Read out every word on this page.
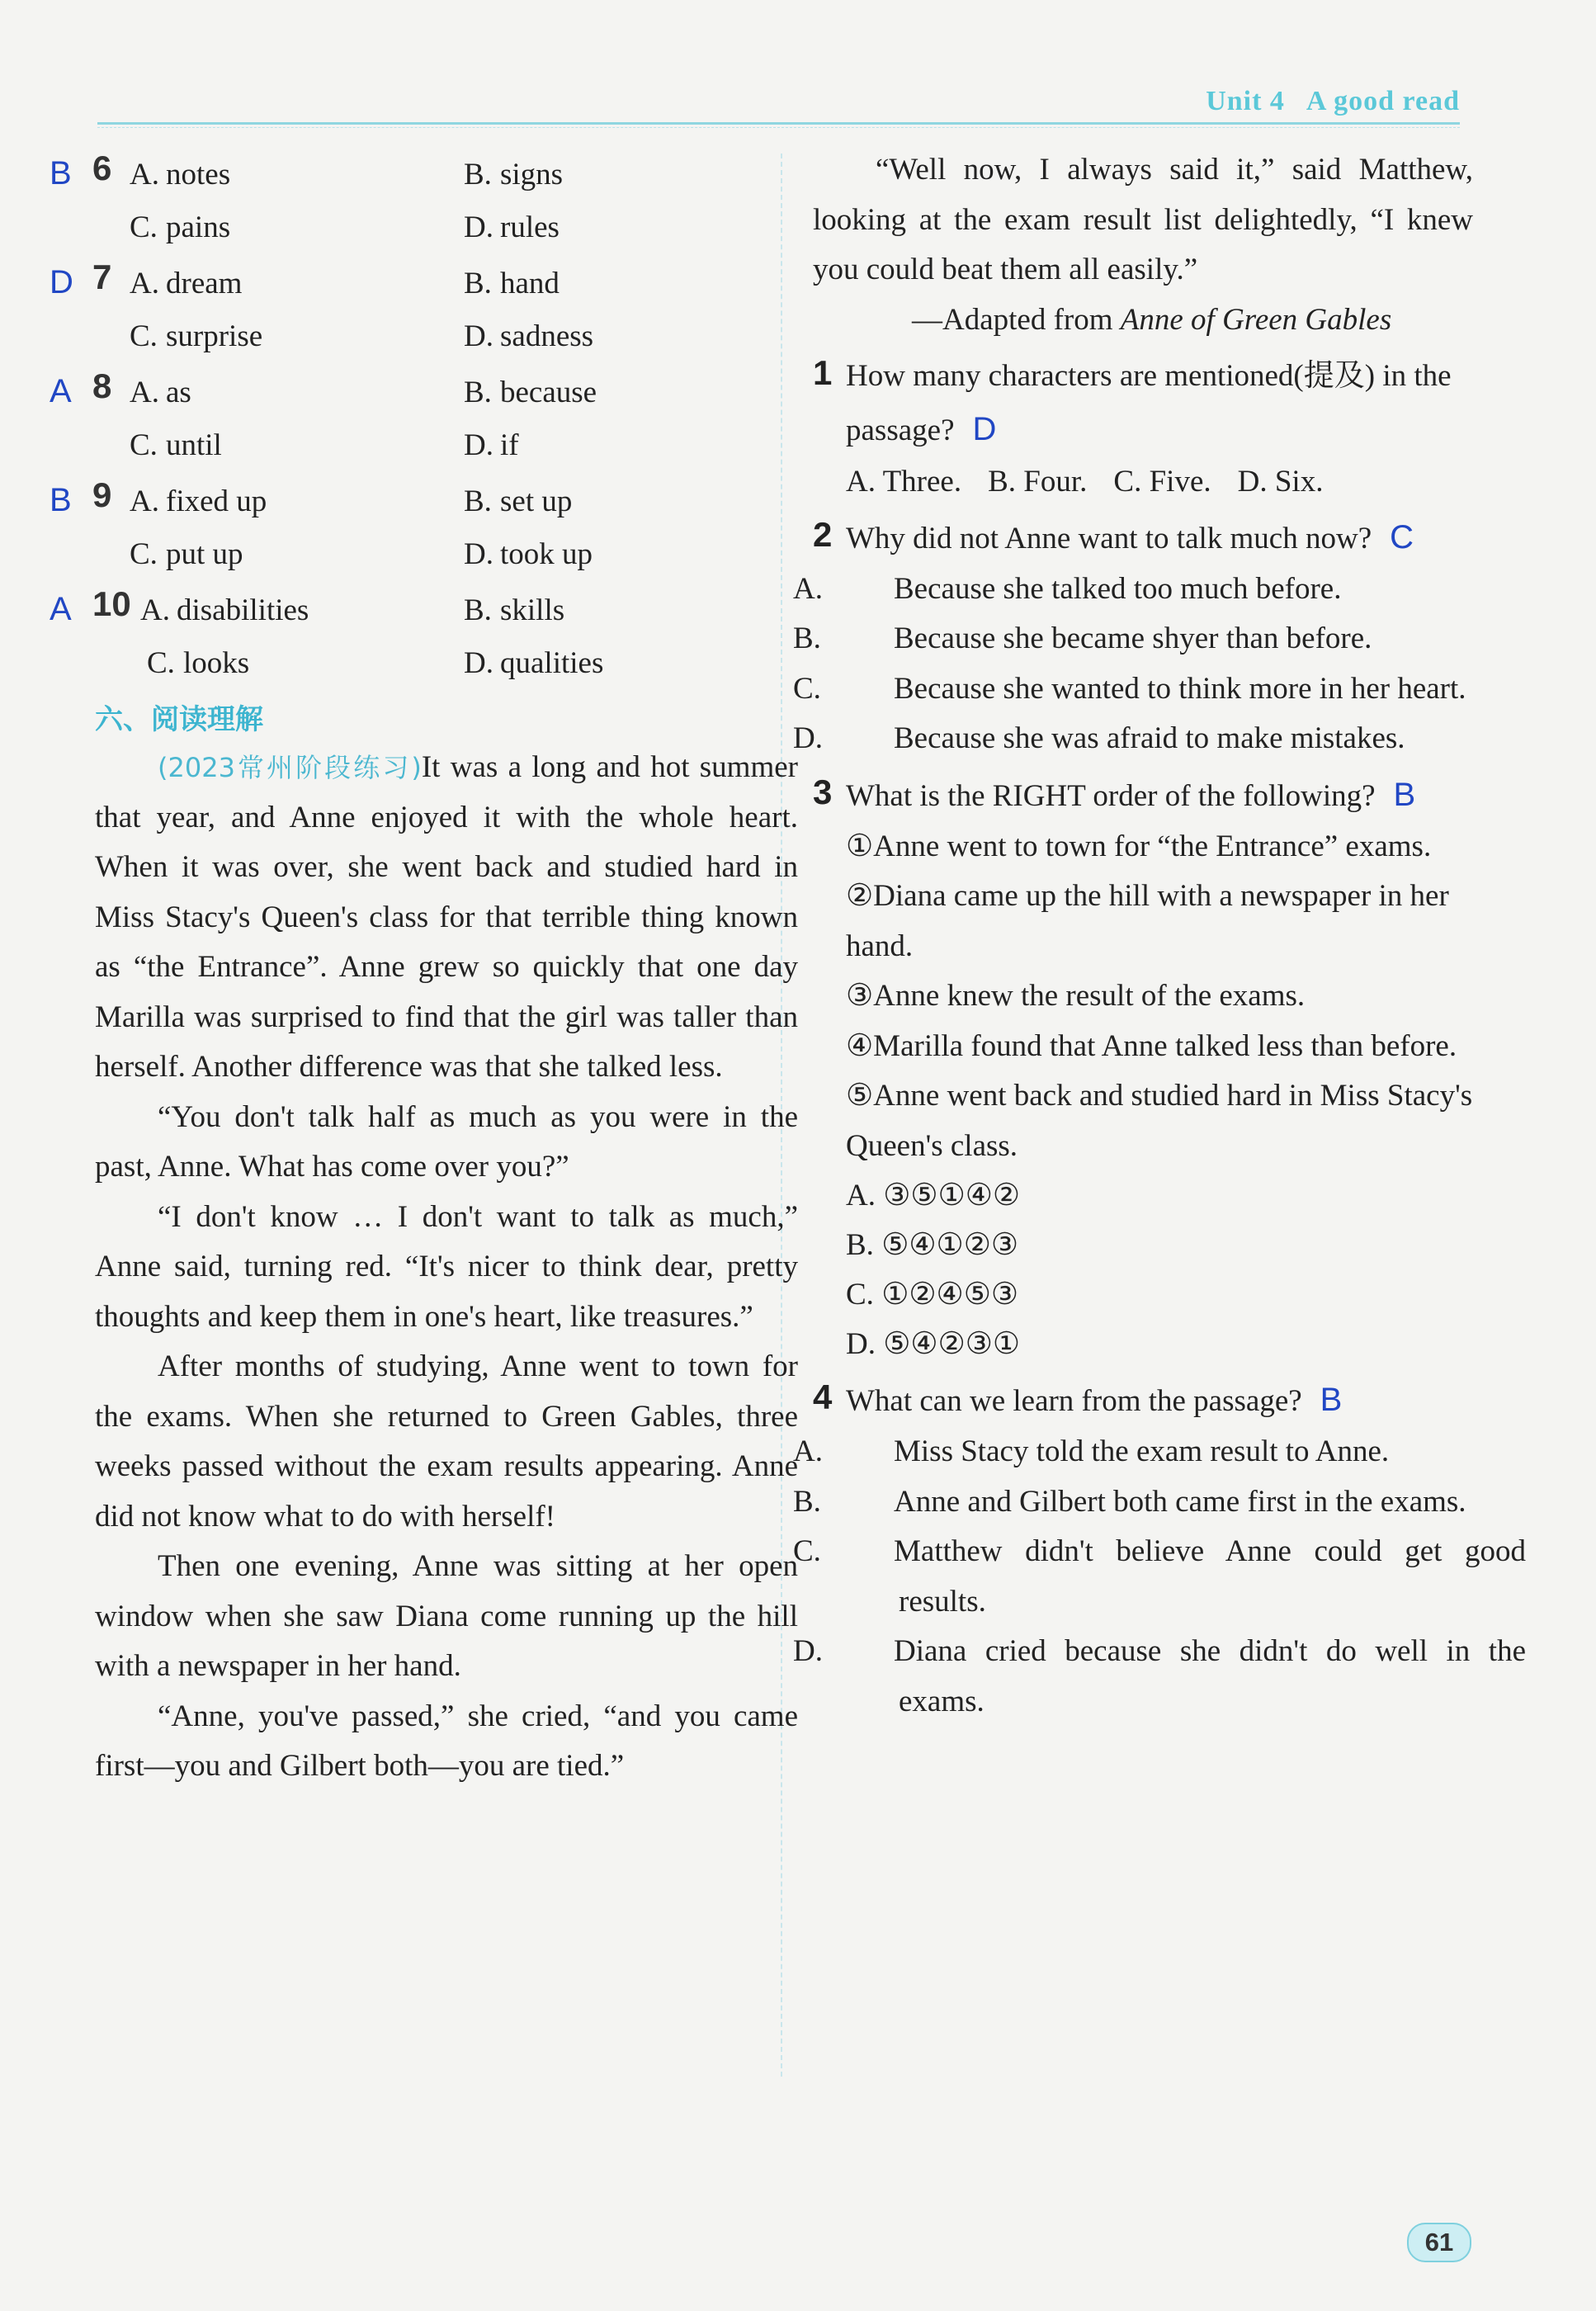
Unit 4 A good read
B 6 A. notes	B. signs
C. pains	D. rules
D 7 A. dream	B. hand
C. surprise	D. sadness
A 8 A. as	B. because
C. until	D. if
B 9 A. fixed up	B. set up
C. put up	D. took up
A 10 A. disabilities	B. skills
C. looks	D. qualities
六、阅读理解

(2023常州阶段练习)It was a long and hot summer that year, and Anne enjoyed it with the whole heart. When it was over, she went back and studied hard in Miss Stacy's Queen's class for that terrible thing known as “the Entrance”. Anne grew so quickly that one day Marilla was surprised to find that the girl was taller than herself. Another difference was that she talked less.

“You don't talk half as much as you were in the past, Anne. What has come over you?”

“I don't know … I don't want to talk as much,” Anne said, turning red. “It's nicer to think dear, pretty thoughts and keep them in one's heart, like treasures.”

After months of studying, Anne went to town for the exams. When she returned to Green Gables, three weeks passed without the exam results appearing. Anne did not know what to do with herself!

Then one evening, Anne was sitting at her open window when she saw Diana come running up the hill with a newspaper in her hand.

“Anne, you've passed,” she cried, “and you came first—you and Gilbert both—you are tied.”

“Well now, I always said it,” said Matthew, looking at the exam result list delightedly, “I knew you could beat them all easily.”

—Adapted from Anne of Green Gables
1 How many characters are mentioned(提及) in the passage? D
A. Three. B. Four. C. Five. D. Six.
2 Why did not Anne want to talk much now? C
A. Because she talked too much before.
B. Because she became shyer than before.
C. Because she wanted to think more in her heart.
D. Because she was afraid to make mistakes.
3 What is the RIGHT order of the following? B
①Anne went to town for “the Entrance” exams.
②Diana came up the hill with a newspaper in her hand.
③Anne knew the result of the exams.
④Marilla found that Anne talked less than before.
⑤Anne went back and studied hard in Miss Stacy's Queen's class.
A. ③⑤①④②B. ⑤④①②③
C. ①②④⑤③D. ⑤④②③①
4 What can we learn from the passage? B
A. Miss Stacy told the exam result to Anne.
B. Anne and Gilbert both came first in the exams.
C. Matthew didn't believe Anne could get good results.
D. Diana cried because she didn't do well in the exams.
61
